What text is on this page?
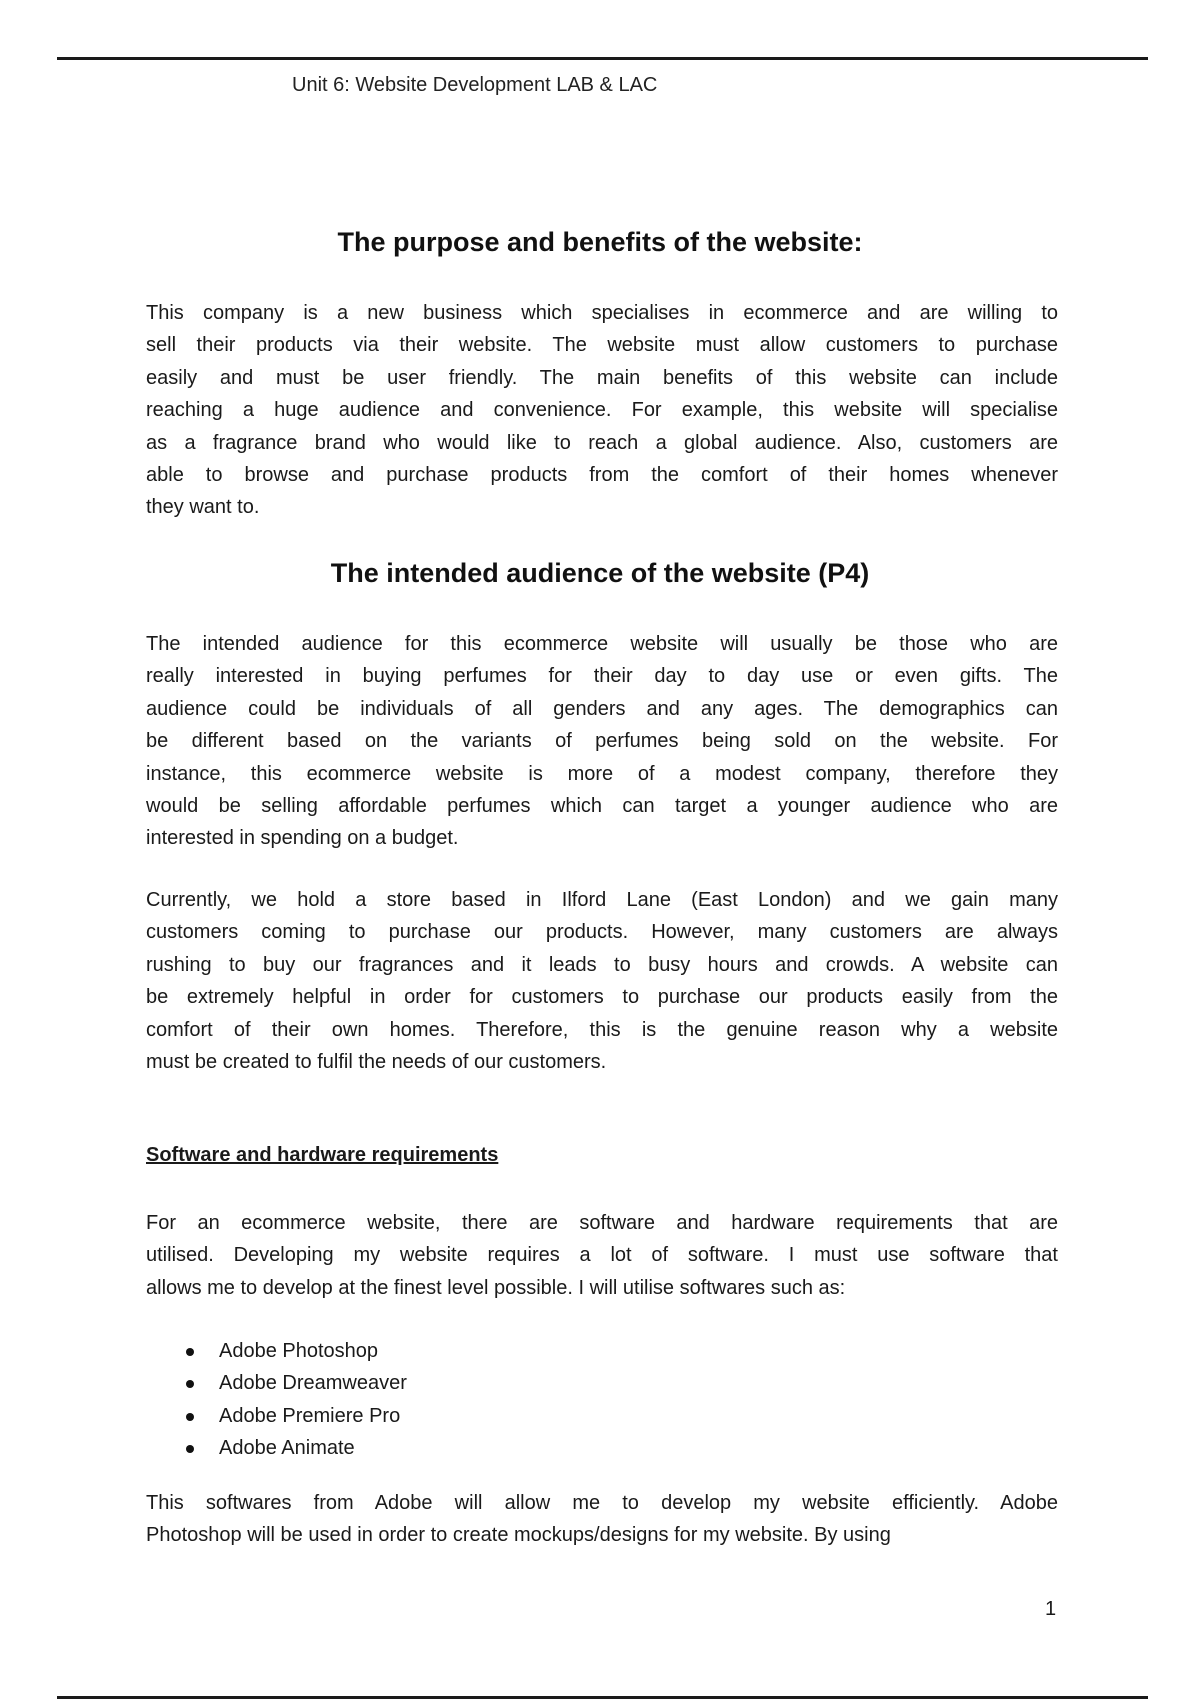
Unit 6: Website Development LAB & LAC
The purpose and benefits of the website:
This company is a new business which specialises in ecommerce and are willing to
sell their products via their website. The website must allow customers to purchase
easily and must be user friendly. The main benefits of this website can include
reaching a huge audience and convenience. For example, this website will specialise
as a fragrance brand who would like to reach a global audience. Also, customers are
able to browse and purchase products from the comfort of their homes whenever
they want to.
The intended audience of the website (P4)
The intended audience for this ecommerce website will usually be those who are
really interested in buying perfumes for their day to day use or even gifts. The
audience could be individuals of all genders and any ages. The demographics can
be different based on the variants of perfumes being sold on the website. For
instance, this ecommerce website is more of a modest company, therefore they
would be selling affordable perfumes which can target a younger audience who are
interested in spending on a budget.
Currently, we hold a store based in Ilford Lane (East London) and we gain many
customers coming to purchase our products. However, many customers are always
rushing to buy our fragrances and it leads to busy hours and crowds. A website can
be extremely helpful in order for customers to purchase our products easily from the
comfort of their own homes. Therefore, this is the genuine reason why a website
must be created to fulfil the needs of our customers.
Software and hardware requirements
For an ecommerce website, there are software and hardware requirements that are
utilised. Developing my website requires a lot of software. I must use software that
allows me to develop at the finest level possible. I will utilise softwares such as:
Adobe Photoshop
Adobe Dreamweaver
Adobe Premiere Pro
Adobe Animate
This softwares from Adobe will allow me to develop my website efficiently. Adobe
Photoshop will be used in order to create mockups/designs for my website. By using
1
